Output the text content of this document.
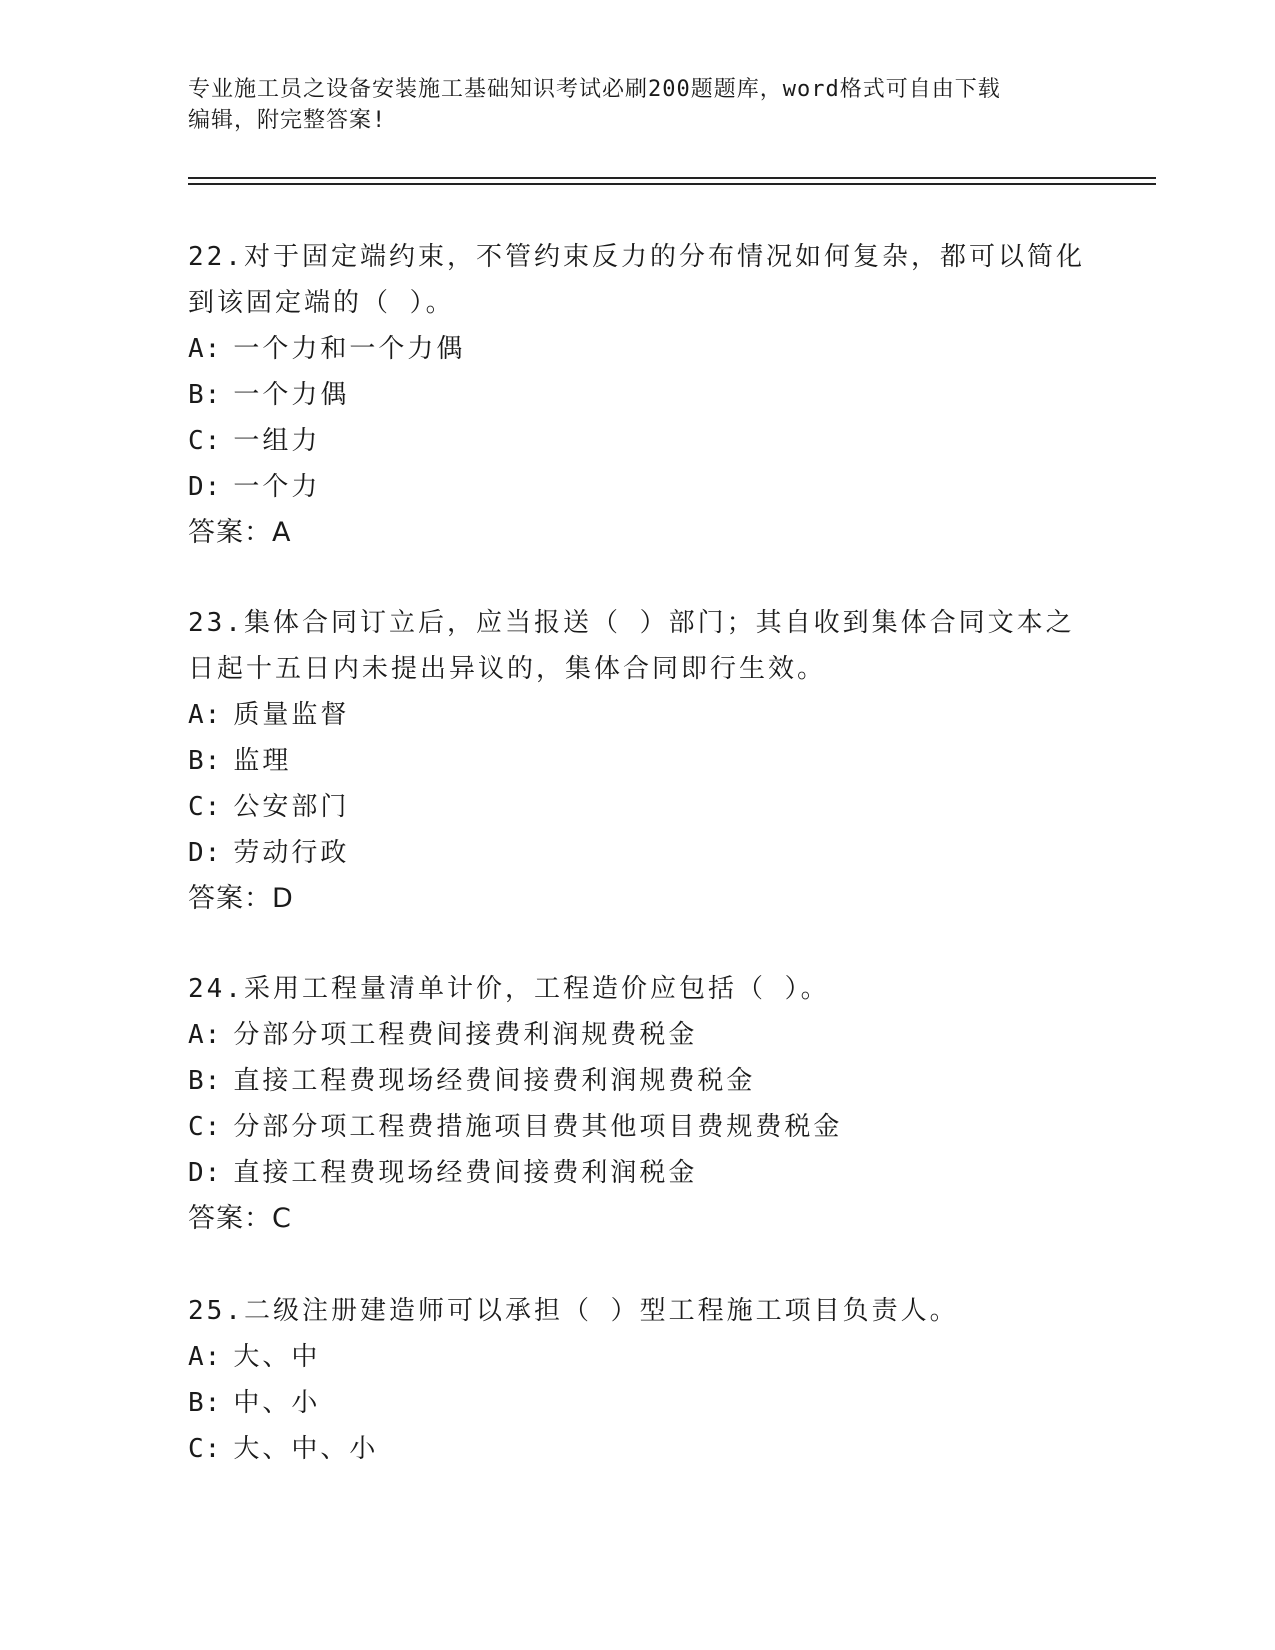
专业施工员之设备安装施工基础知识考试必刷200题题库，word格式可自由下载
编辑，附完整答案!

22.对于固定端约束，不管约束反力的分布情况如何复杂，都可以简化

到该固定端的（ ）。

A: 一个力和一个力偶

B: 一个力偶

C: 一组力

D: 一个力

答案：A

23.集体合同订立后，应当报送（ ）部门；其自收到集体合同文本之

日起十五日内未提出异议的，集体合同即行生效。

A: 质量监督

B: 监理

C: 公安部门

D: 劳动行政

答案：D

24.采用工程量清单计价，工程造价应包括（ ）。

A: 分部分项工程费间接费利润规费税金

B: 直接工程费现场经费间接费利润规费税金

C: 分部分项工程费措施项目费其他项目费规费税金

D: 直接工程费现场经费间接费利润税金

答案：C

25.二级注册建造师可以承担（ ）型工程施工项目负责人。

A: 大、中

B: 中、小

C: 大、中、小
